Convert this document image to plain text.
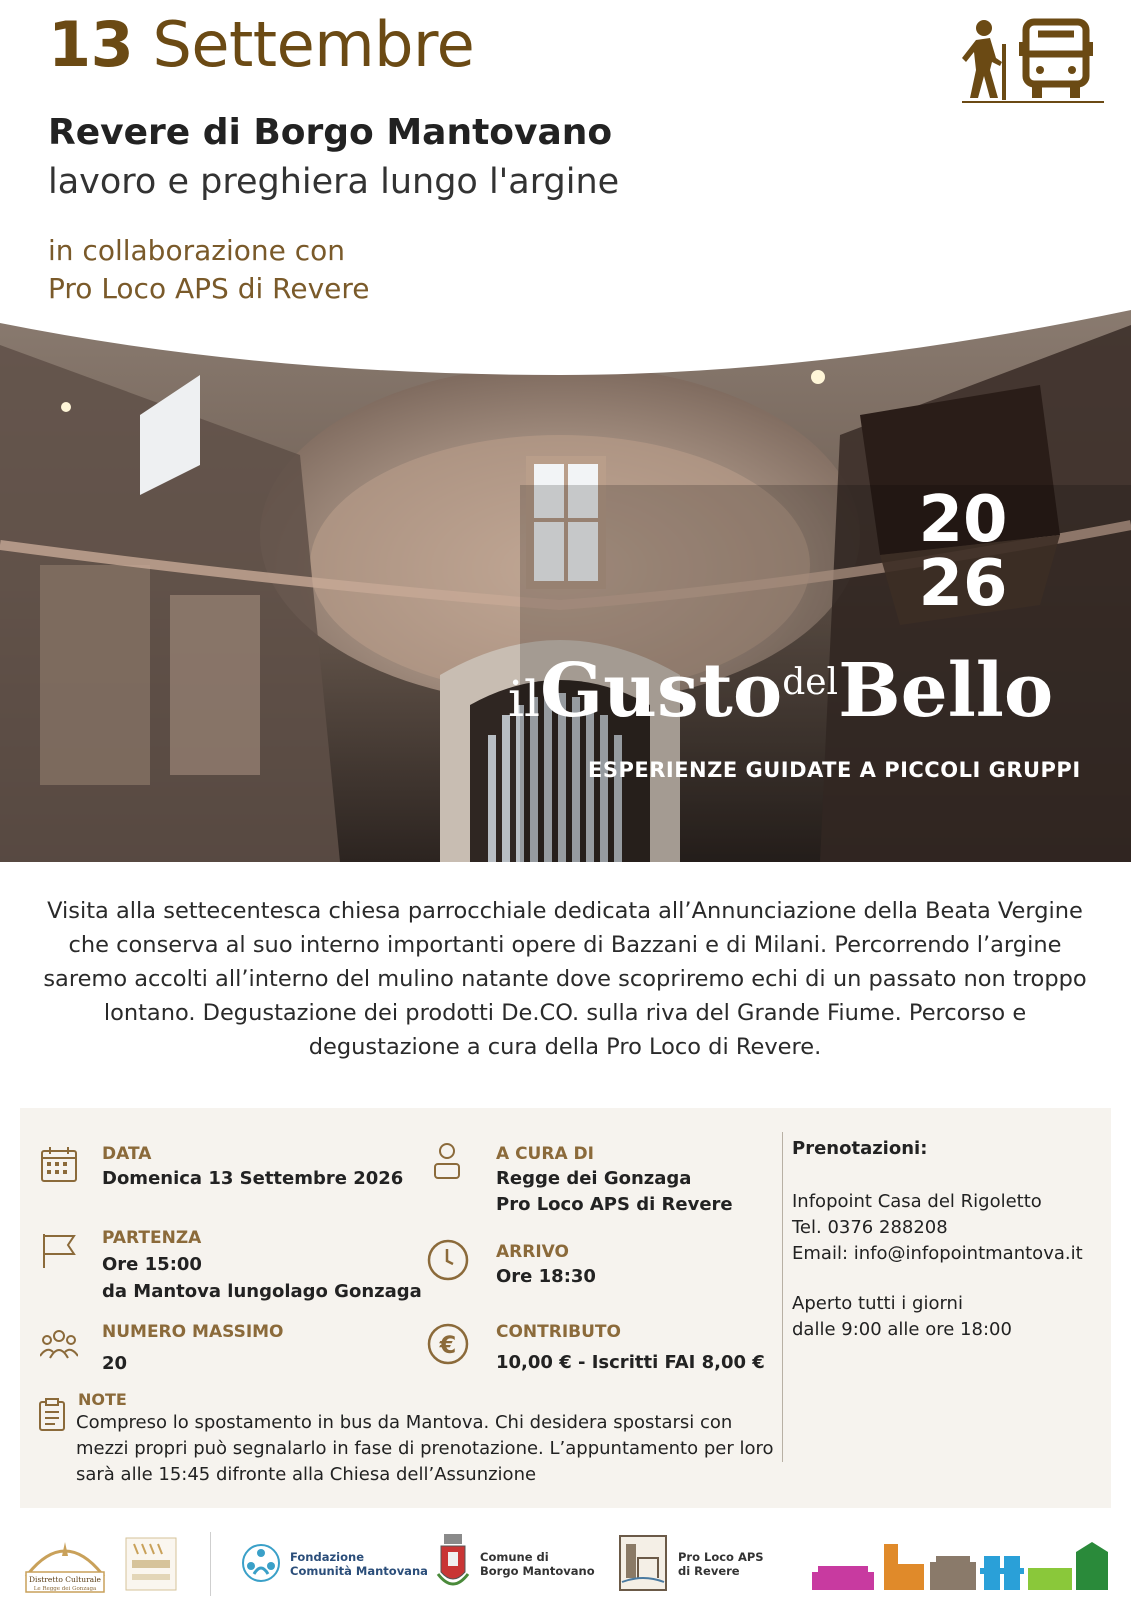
13 Settembre
Revere di Borgo Mantovano
lavoro e preghiera lungo l'argine
in collaborazione con
Pro Loco APS di Revere
20
26
ilGustodelBello
ESPERIENZE GUIDATE A PICCOLI GRUPPI
Visita alla settecentesca chiesa parrocchiale dedicata all’Annunciazione della Beata Vergine che conserva al suo interno importanti opere di Bazzani e di Milani. Percorrendo l’argine saremo accolti all’interno del mulino natante dove scopriremo echi di un passato non troppo lontano. Degustazione dei prodotti De.CO. sulla riva del Grande Fiume. Percorso e degustazione a cura della Pro Loco di Revere.
DATA
Domenica 13 Settembre 2026
PARTENZA
Ore 15:00
da Mantova lungolago Gonzaga
NUMERO MASSIMO
20
A CURA DI
Regge dei Gonzaga
Pro Loco APS di Revere
ARRIVO
Ore 18:30
€ CONTRIBUTO
10,00 € - Iscritti FAI 8,00 €
NOTE
Compreso lo spostamento in bus da Mantova. Chi desidera spostarsi con mezzi propri può segnalarlo in fase di prenotazione. L’appuntamento per loro sarà alle 15:45 difronte alla Chiesa dell’Assunzione
Prenotazioni:
Infopoint Casa del Rigoletto
Tel. 0376 288208
Email: info@infopointmantova.it
Aperto tutti i giorni
dalle 9:00 alle ore 18:00
Distretto Culturale
Le Regge dei Gonzaga
Fondazione
Comunità Mantovana
Comune di
Borgo Mantovano
Pro Loco APS
di Revere
